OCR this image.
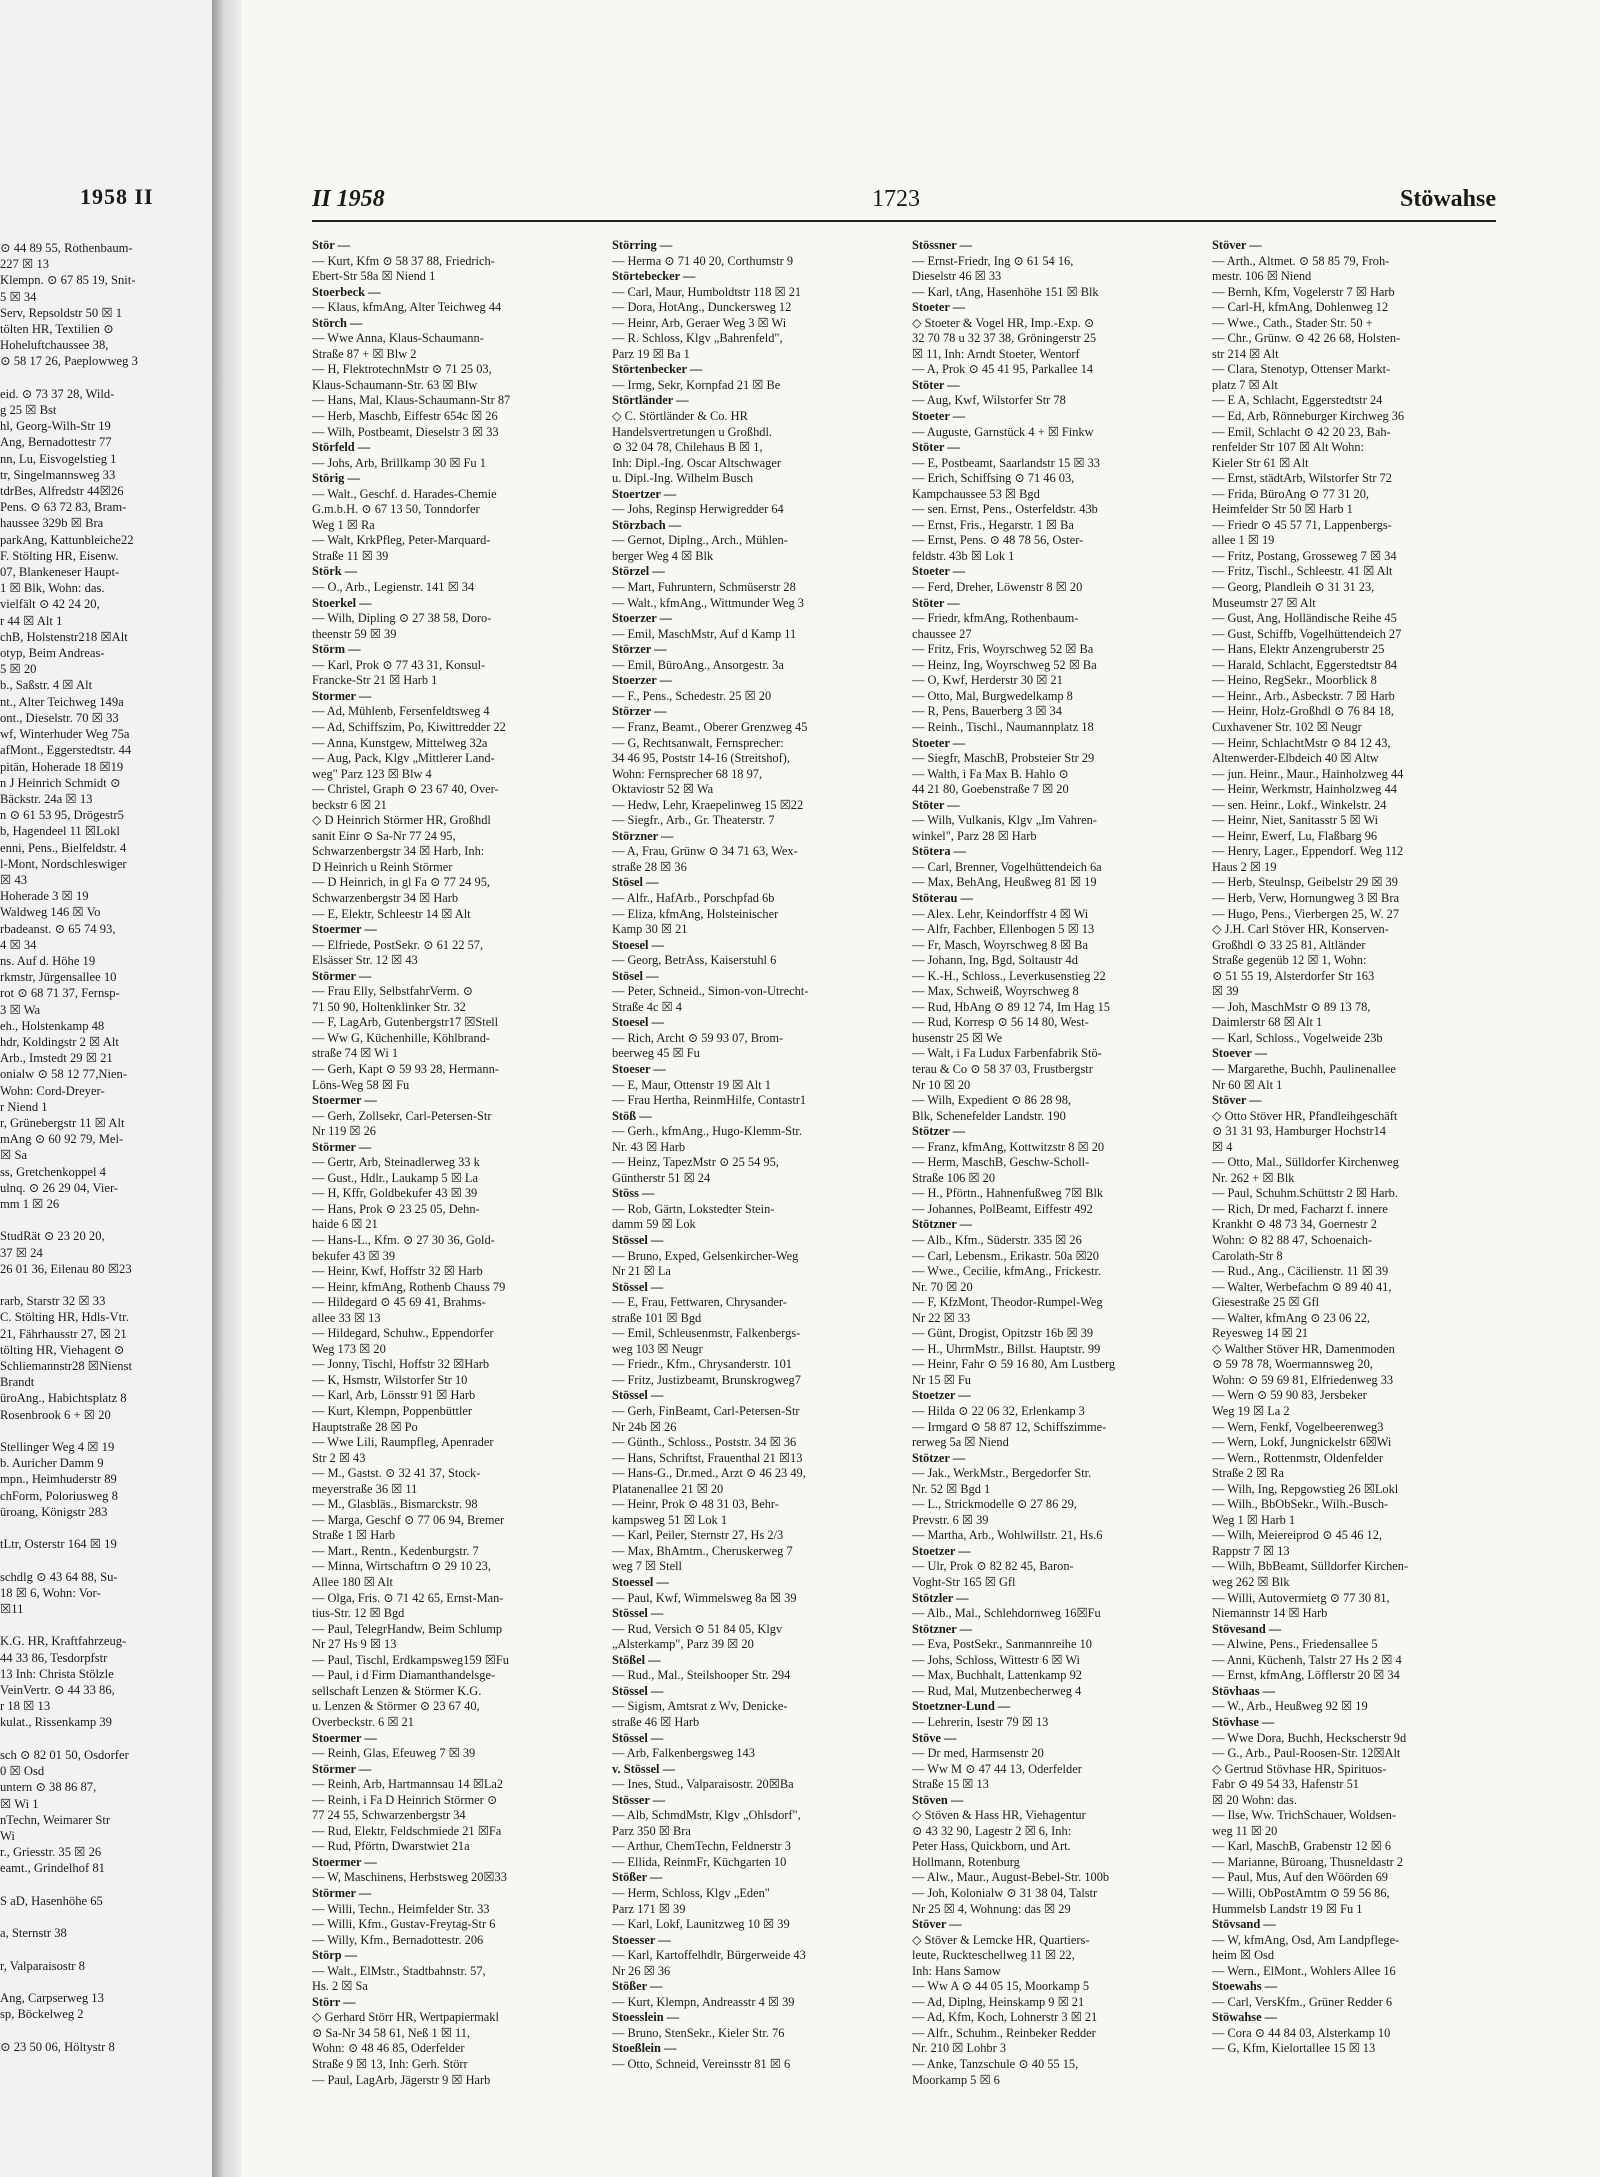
1958 II
⊙ 44 89 55, Rothenbaum-
227 ☒ 13
Klempn. ⊙ 67 85 19, Snit-
5 ☒ 34
Serv, Repsoldstr 50 ☒ 1
tölten HR, Textilien ⊙
Hoheluftchaussee 38,
⊙ 58 17 26, Paeplowweg 3

eid. ⊙ 73 37 28, Wild-
g 25 ☒ Bst
hl, Georg-Wilh-Str 19
Ang, Bernadottestr 77
nn, Lu, Eisvogelstieg 1
tr, Singelmannsweg 33
tdrBes, Alfredstr 44☒26
Pens. ⊙ 63 72 83, Bram-
haussee 329b ☒ Bra
parkAng, Kattunbleiche22
F. Stölting HR, Eisenw.
07, Blankeneser Haupt-
1 ☒ Blk, Wohn: das.
vielfält ⊙ 42 24 20,
r 44 ☒ Alt 1
chB, Holstenstr218 ☒Alt
otyp, Beim Andreas-
5 ☒ 20
b., Saßstr. 4 ☒ Alt
nt., Alter Teichweg 149a
ont., Dieselstr. 70 ☒ 33
wf, Winterhuder Weg 75a
afMont., Eggerstedtstr. 44
pitän, Hoherade 18 ☒19
n J Heinrich Schmidt ⊙
Bäckstr. 24a ☒ 13
n ⊙ 61 53 95, Drögestr5
b, Hagendeel 11 ☒Lokl
enni, Pens., Bielfeldstr. 4
l-Mont, Nordschleswiger
☒ 43
Hoherade 3 ☒ 19
Waldweg 146 ☒ Vo
rbadeanst. ⊙ 65 74 93,
4 ☒ 34
ns. Auf d. Höhe 19
rkmstr, Jürgensallee 10
rot ⊙ 68 71 37, Fernsp-
3 ☒ Wa
eh., Holstenkamp 48
hdr, Koldingstr 2 ☒ Alt
Arb., Imstedt 29 ☒ 21
onialw ⊙ 58 12 77,Nien-
Wohn: Cord-Dreyer-
r Niend 1
r, Grünebergstr 11 ☒ Alt
mAng ⊙ 60 92 79, Mel-
☒ Sa
ss, Gretchenkoppel 4
ulnq. ⊙ 26 29 04, Vier-
mm 1 ☒ 26

StudRät ⊙ 23 20 20,
37 ☒ 24
26 01 36, Eilenau 80 ☒23

rarb, Starstr 32 ☒ 33
C. Stölting HR, Hdls-Vtr.
21, Fährhausstr 27, ☒ 21
tölting HR, Viehagent ⊙
Schliemannstr28 ☒Nienst
Brandt
üroAng., Habichtsplatz 8
Rosenbrook 6 + ☒ 20

Stellinger Weg 4 ☒ 19
b. Auricher Damm 9
mpn., Heimhuderstr 89
chForm, Poloriusweg 8
üroang, Königstr 283

tLtr, Osterstr 164 ☒ 19

schdlg ⊙ 43 64 88, Su-
18 ☒ 6, Wohn: Vor-
☒11

K.G. HR, Kraftfahrzeug-
44 33 86, Tesdorpfstr
13 Inh: Christa Stölzle
VeinVertr. ⊙ 44 33 86,
r 18 ☒ 13
kulat., Rissenkamp 39

sch ⊙ 82 01 50, Osdorfer
0 ☒ Osd
untern ⊙ 38 86 87,
☒ Wi 1
nTechn, Weimarer Str
Wi
r., Griesstr. 35 ☒ 26
eamt., Grindelhof 81

S aD, Hasenhöhe 65

a, Sternstr 38

r, Valparaisostr 8

Ang, Carpserweg 13
sp, Böckelweg 2

⊙ 23 50 06, Höltystr 8
II 1958	1723	Stöwahse

Stör —

— Kurt, Kfm ⊙ 58 37 88, Friedrich-

Ebert-Str 58a ☒ Niend 1

Stoerbeck —

— Klaus, kfmAng, Alter Teichweg 44

Störch —

— Wwe Anna, Klaus-Schaumann-

Straße 87 + ☒ Blw 2

— H, FlektrotechnMstr ⊙ 71 25 03,

Klaus-Schaumann-Str. 63 ☒ Blw

— Hans, Mal, Klaus-Schaumann-Str 87

— Herb, Maschb, Eiffestr 654c ☒ 26

— Wilh, Postbeamt, Dieselstr 3 ☒ 33

Störfeld —

— Johs, Arb, Brillkamp 30 ☒ Fu 1

Störig —

— Walt., Geschf. d. Harades-Chemie

G.m.b.H. ⊙ 67 13 50, Tonndorfer

Weg 1 ☒ Ra

— Walt, KrkPfleg, Peter-Marquard-

Straße 11 ☒ 39

Störk —

— O., Arb., Legienstr. 141 ☒ 34

Stoerkel —

— Wilh, Dipling ⊙ 27 38 58, Doro-

theenstr 59 ☒ 39

Störm —

— Karl, Prok ⊙ 77 43 31, Konsul-

Francke-Str 21 ☒ Harb 1

Stormer —

— Ad, Mühlenb, Fersenfeldtsweg 4

— Ad, Schiffszim, Po, Kiwittredder 22

— Anna, Kunstgew, Mittelweg 32a

— Aug, Pack, Klgv „Mittlerer Land-

weg" Parz 123 ☒ Blw 4

— Christel, Graph ⊙ 23 67 40, Over-

beckstr 6 ☒ 21

◇ D Heinrich Störmer HR, Großhdl

sanit Einr ⊙ Sa-Nr 77 24 95,

Schwarzenbergstr 34 ☒ Harb, Inh:

D Heinrich u Reinh Störmer

— D Heinrich, in gl Fa ⊙ 77 24 95,

Schwarzenbergstr 34 ☒ Harb

— E, Elektr, Schleestr 14 ☒ Alt

Stoermer —

— Elfriede, PostSekr. ⊙ 61 22 57,

Elsässer Str. 12 ☒ 43

Störmer —

— Frau Elly, SelbstfahrVerm. ⊙

71 50 90, Holtenklinker Str. 32

— F, LagArb, Gutenbergstr17 ☒Stell

— Ww G, Küchenhille, Köhlbrand-

straße 74 ☒ Wi 1

— Gerh, Kapt ⊙ 59 93 28, Hermann-

Löns-Weg 58 ☒ Fu

Stoermer —

— Gerh, Zollsekr, Carl-Petersen-Str

Nr 119 ☒ 26

Störmer —

— Gertr, Arb, Steinadlerweg 33 k

— Gust., Hdlr., Laukamp 5 ☒ La

— H, Kffr, Goldbekufer 43 ☒ 39

— Hans, Prok ⊙ 23 25 05, Dehn-

haide 6 ☒ 21

— Hans-L., Kfm. ⊙ 27 30 36, Gold-

bekufer 43 ☒ 39

— Heinr, Kwf, Hoffstr 32 ☒ Harb

— Heinr, kfmAng, Rothenb Chauss 79

— Hildegard ⊙ 45 69 41, Brahms-

allee 33 ☒ 13

— Hildegard, Schuhw., Eppendorfer

Weg 173 ☒ 20

— Jonny, Tischl, Hoffstr 32 ☒Harb

— K, Hsmstr, Wilstorfer Str 10

— Karl, Arb, Lönsstr 91 ☒ Harb

— Kurt, Klempn, Poppenbüttler

Hauptstraße 28 ☒ Po

— Wwe Lili, Raumpfleg, Apenrader

Str 2 ☒ 43

— M., Gastst. ⊙ 32 41 37, Stock-

meyerstraße 36 ☒ 11

— M., Glasbläs., Bismarckstr. 98

— Marga, Geschf ⊙ 77 06 94, Bremer

Straße 1 ☒ Harb

— Mart., Rentn., Kedenburgstr. 7

— Minna, Wirtschaftrn ⊙ 29 10 23,

Allee 180 ☒ Alt

— Olga, Fris. ⊙ 71 42 65, Ernst-Man-

tius-Str. 12 ☒ Bgd

— Paul, TelegrHandw, Beim Schlump

Nr 27 Hs 9 ☒ 13

— Paul, Tischl, Erdkampsweg159 ☒Fu

— Paul, i d Firm Diamanthandelsge-

sellschaft Lenzen & Störmer K.G.

u. Lenzen & Störmer ⊙ 23 67 40,

Overbeckstr. 6 ☒ 21

Stoermer —

— Reinh, Glas, Efeuweg 7 ☒ 39

Störmer —

— Reinh, Arb, Hartmannsau 14 ☒La2

— Reinh, i Fa D Heinrich Störmer ⊙

77 24 55, Schwarzenbergstr 34

— Rud, Elektr, Feldschmiede 21 ☒Fa

— Rud, Pförtn, Dwarstwiet 21a

Stoermer —

— W, Maschinens, Herbstsweg 20☒33

Störmer —

— Willi, Techn., Heimfelder Str. 33

— Willi, Kfm., Gustav-Freytag-Str 6

— Willy, Kfm., Bernadottestr. 206

Störp —

— Walt., ElMstr., Stadtbahnstr. 57,

Hs. 2 ☒ Sa

Störr —

◇ Gerhard Störr HR, Wertpapiermakl

⊙ Sa-Nr 34 58 61, Neß 1 ☒ 11,

Wohn: ⊙ 48 46 85, Oderfelder

Straße 9 ☒ 13, Inh: Gerh. Störr

— Paul, LagArb, Jägerstr 9 ☒ Harb

Störring —

— Herma ⊙ 71 40 20, Corthumstr 9

Störtebecker —

— Carl, Maur, Humboldtstr 118 ☒ 21

— Dora, HotAng., Dunckersweg 12

— Heinr, Arb, Geraer Weg 3 ☒ Wi

— R. Schloss, Klgv „Bahrenfeld",

Parz 19 ☒ Ba 1

Störtenbecker —

— Irmg, Sekr, Kornpfad 21 ☒ Be

Störtländer —

◇ C. Störtländer & Co. HR

Handelsvertretungen u Großhdl.

⊙ 32 04 78, Chilehaus B ☒ 1,

Inh: Dipl.-Ing. Oscar Altschwager

u. Dipl.-Ing. Wilhelm Busch

Stoertzer —

— Johs, Reginsp Herwigredder 64

Störzbach —

— Gernot, Diplng., Arch., Mühlen-

berger Weg 4 ☒ Blk

Störzel —

— Mart, Fuhruntern, Schmüserstr 28

— Walt., kfmAng., Wittmunder Weg 3

Stoerzer —

— Emil, MaschMstr, Auf d Kamp 11

Störzer —

— Emil, BüroAng., Ansorgestr. 3a

Stoerzer —

— F., Pens., Schedestr. 25 ☒ 20

Störzer —

— Franz, Beamt., Oberer Grenzweg 45

— G, Rechtsanwalt, Fernsprecher:

34 46 95, Poststr 14-16 (Streitshof),

Wohn: Fernsprecher 68 18 97,

Oktaviostr 52 ☒ Wa

— Hedw, Lehr, Kraepelinweg 15 ☒22

— Siegfr., Arb., Gr. Theaterstr. 7

Störzner —

— A, Frau, Grünw ⊙ 34 71 63, Wex-

straße 28 ☒ 36

Stösel —

— Alfr., HafArb., Porschpfad 6b

— Eliza, kfmAng, Holsteinischer

Kamp 30 ☒ 21

Stoesel —

— Georg, BetrAss, Kaiserstuhl 6

Stösel —

— Peter, Schneid., Simon-von-Utrecht-

Straße 4c ☒ 4

Stoesel —

— Rich, Archt ⊙ 59 93 07, Brom-

beerweg 45 ☒ Fu

Stoeser —

— E, Maur, Ottenstr 19 ☒ Alt 1

— Frau Hertha, ReinmHilfe, Contastr1

Stöß —

— Gerh., kfmAng., Hugo-Klemm-Str.

Nr. 43 ☒ Harb

— Heinz, TapezMstr ⊙ 25 54 95,

Güntherstr 51 ☒ 24

Stöss —

— Rob, Gärtn, Lokstedter Stein-

damm 59 ☒ Lok

Stössel —

— Bruno, Exped, Gelsenkircher-Weg

Nr 21 ☒ La

Stössel —

— E, Frau, Fettwaren, Chrysander-

straße 101 ☒ Bgd

— Emil, Schleusenmstr, Falkenbergs-

weg 103 ☒ Neugr

— Friedr., Kfm., Chrysanderstr. 101

— Fritz, Justizbeamt, Brunskrogweg7

Stössel —

— Gerh, FinBeamt, Carl-Petersen-Str

Nr 24b ☒ 26

— Günth., Schloss., Poststr. 34 ☒ 36

— Hans, Schriftst, Frauenthal 21 ☒13

— Hans-G., Dr.med., Arzt ⊙ 46 23 49,

Platanenallee 21 ☒ 20

— Heinr, Prok ⊙ 48 31 03, Behr-

kampsweg 51 ☒ Lok 1

— Karl, Peiler, Sternstr 27, Hs 2/3

— Max, BhAmtm., Cheruskerweg 7

weg 7 ☒ Stell

Stoessel —

— Paul, Kwf, Wimmelsweg 8a ☒ 39

Stössel —

— Rud, Versich ⊙ 51 84 05, Klgv

„Alsterkamp", Parz 39 ☒ 20

Stößel —

— Rud., Mal., Steilshooper Str. 294

Stössel —

— Sigism, Amtsrat z Wv, Denicke-

straße 46 ☒ Harb

Stössel —

— Arb, Falkenbergsweg 143

v. Stössel —

— Ines, Stud., Valparaisostr. 20☒Ba

Stösser —

— Alb, SchmdMstr, Klgv „Ohlsdorf",

Parz 350 ☒ Bra

— Arthur, ChemTechn, Feldnerstr 3

— Ellida, ReinmFr, Küchgarten 10

Stößer —

— Herm, Schloss, Klgv „Eden"

Parz 171 ☒ 39

— Karl, Lokf, Launitzweg 10 ☒ 39

Stoesser —

— Karl, Kartoffelhdlr, Bürgerweide 43

Nr 26 ☒ 36

Stößer —

— Kurt, Klempn, Andreasstr 4 ☒ 39

Stoesslein —

— Bruno, StenSekr., Kieler Str. 76

Stoeßlein —

— Otto, Schneid, Vereinsstr 81 ☒ 6

Stössner —

— Ernst-Friedr, Ing ⊙ 61 54 16,

Dieselstr 46 ☒ 33

— Karl, tAng, Hasenhöhe 151 ☒ Blk

Stoeter —

◇ Stoeter & Vogel HR, Imp.-Exp. ⊙

32 70 78 u 32 37 38, Gröningerstr 25

☒ 11, Inh: Arndt Stoeter, Wentorf

— A, Prok ⊙ 45 41 95, Parkallee 14

Stöter —

— Aug, Kwf, Wilstorfer Str 78

Stoeter —

— Auguste, Garnstück 4 + ☒ Finkw

Stöter —

— E, Postbeamt, Saarlandstr 15 ☒ 33

— Erich, Schiffsing ⊙ 71 46 03,

Kampchaussee 53 ☒ Bgd

— sen. Ernst, Pens., Osterfeldstr. 43b

— Ernst, Fris., Hegarstr. 1 ☒ Ba

— Ernst, Pens. ⊙ 48 78 56, Oster-

feldstr. 43b ☒ Lok 1

Stoeter —

— Ferd, Dreher, Löwenstr 8 ☒ 20

Stöter —

— Friedr, kfmAng, Rothenbaum-

chaussee 27

— Fritz, Fris, Woyrschweg 52 ☒ Ba

— Heinz, Ing, Woyrschweg 52 ☒ Ba

— O, Kwf, Herderstr 30 ☒ 21

— Otto, Mal, Burgwedelkamp 8

— R, Pens, Bauerberg 3 ☒ 34

— Reinh., Tischl., Naumannplatz 18

Stoeter —

— Siegfr, MaschB, Probsteier Str 29

— Walth, i Fa Max B. Hahlo ⊙

44 21 80, Goebenstraße 7 ☒ 20

Stöter —

— Wilh, Vulkanis, Klgv „Im Vahren-

winkel", Parz 28 ☒ Harb

Stötera —

— Carl, Brenner, Vogelhüttendeich 6a

— Max, BehAng, Heußweg 81 ☒ 19

Stöterau —

— Alex. Lehr, Keindorffstr 4 ☒ Wi

— Alfr, Fachber, Ellenbogen 5 ☒ 13

— Fr, Masch, Woyrschweg 8 ☒ Ba

— Johann, Ing, Bgd, Soltaustr 4d

— K.-H., Schloss., Leverkusenstieg 22

— Max, Schweiß, Woyrschweg 8

— Rud, HbAng ⊙ 89 12 74, Im Hag 15

— Rud, Korresp ⊙ 56 14 80, West-

husenstr 25 ☒ We

— Walt, i Fa Ludux Farbenfabrik Stö-

terau & Co ⊙ 58 37 03, Frustbergstr

Nr 10 ☒ 20

— Wilh, Expedient ⊙ 86 28 98,

Blk, Schenefelder Landstr. 190

Stötzer —

— Franz, kfmAng, Kottwitzstr 8 ☒ 20

— Herm, MaschB, Geschw-Scholl-

Straße 106 ☒ 20

— H., Pförtn., Hahnenfußweg 7☒ Blk

— Johannes, PolBeamt, Eiffestr 492

Stötzner —

— Alb., Kfm., Süderstr. 335 ☒ 26

— Carl, Lebensm., Erikastr. 50a ☒20

— Wwe., Cecilie, kfmAng., Frickestr.

Nr. 70 ☒ 20

— F, KfzMont, Theodor-Rumpel-Weg

Nr 22 ☒ 33

— Günt, Drogist, Opitzstr 16b ☒ 39

— H., UhrmMstr., Billst. Hauptstr. 99

— Heinr, Fahr ⊙ 59 16 80, Am Lustberg

Nr 15 ☒ Fu

Stoetzer —

— Hilda ⊙ 22 06 32, Erlenkamp 3

— Irmgard ⊙ 58 87 12, Schiffszimme-

rerweg 5a ☒ Niend

Stötzer —

— Jak., WerkMstr., Bergedorfer Str.

Nr. 52 ☒ Bgd 1

— L., Strickmodelle ⊙ 27 86 29,

Prevstr. 6 ☒ 39

— Martha, Arb., Wohlwillstr. 21, Hs.6

Stoetzer —

— Ulr, Prok ⊙ 82 82 45, Baron-

Voght-Str 165 ☒ Gfl

Stötzler —

— Alb., Mal., Schlehdornweg 16☒Fu

Stötzner —

— Eva, PostSekr., Sanmannreihe 10

— Johs, Schloss, Wittestr 6 ☒ Wi

— Max, Buchhalt, Lattenkamp 92

— Rud, Mal, Mutzenbecherweg 4

Stoetzner-Lund —

— Lehrerin, Isestr 79 ☒ 13

Stöve —

— Dr med, Harmsenstr 20

— Ww M ⊙ 47 44 13, Oderfelder

Straße 15 ☒ 13

Stöven —

◇ Stöven & Hass HR, Viehagentur

⊙ 43 32 90, Lagestr 2 ☒ 6, Inh:

Peter Hass, Quickborn, und Art.

Hollmann, Rotenburg

— Alw., Maur., August-Bebel-Str. 100b

— Joh, Kolonialw ⊙ 31 38 04, Talstr

Nr 25 ☒ 4, Wohnung: das ☒ 29

Stöver —

◇ Stöver & Lemcke HR, Quartiers-

leute, Ruckteschellweg 11 ☒ 22,

Inh: Hans Samow

— Ww A ⊙ 44 05 15, Moorkamp 5

— Ad, Diplng, Heinskamp 9 ☒ 21

— Ad, Kfm, Koch, Lohnerstr 3 ☒ 21

— Alfr., Schuhm., Reinbeker Redder

Nr. 210 ☒ Lohbr 3

— Anke, Tanzschule ⊙ 40 55 15,

Moorkamp 5 ☒ 6

Stöver —

— Arth., Altmet. ⊙ 58 85 79, Froh-

mestr. 106 ☒ Niend

— Bernh, Kfm, Vogelerstr 7 ☒ Harb

— Carl-H, kfmAng, Dohlenweg 12

— Wwe., Cath., Stader Str. 50 +

— Chr., Grünw. ⊙ 42 26 68, Holsten-

str 214 ☒ Alt

— Clara, Stenotyp, Ottenser Markt-

platz 7 ☒ Alt

— E A, Schlacht, Eggerstedtstr 24

— Ed, Arb, Rönneburger Kirchweg 36

— Emil, Schlacht ⊙ 42 20 23, Bah-

renfelder Str 107 ☒ Alt Wohn:

Kieler Str 61 ☒ Alt

— Ernst, städtArb, Wilstorfer Str 72

— Frida, BüroAng ⊙ 77 31 20,

Heimfelder Str 50 ☒ Harb 1

— Friedr ⊙ 45 57 71, Lappenbergs-

allee 1 ☒ 19

— Fritz, Postang, Grosseweg 7 ☒ 34

— Fritz, Tischl., Schleestr. 41 ☒ Alt

— Georg, Plandleih ⊙ 31 31 23,

Museumstr 27 ☒ Alt

— Gust, Ang, Holländische Reihe 45

— Gust, Schiffb, Vogelhüttendeich 27

— Hans, Elektr Anzengruberstr 25

— Harald, Schlacht, Eggerstedtstr 84

— Heino, RegSekr., Moorblick 8

— Heinr., Arb., Asbeckstr. 7 ☒ Harb

— Heinr, Holz-Großhdl ⊙ 76 84 18,

Cuxhavener Str. 102 ☒ Neugr

— Heinr, SchlachtMstr ⊙ 84 12 43,

Altenwerder-Elbdeich 40 ☒ Altw

— jun. Heinr., Maur., Hainholzweg 44

— Heinr, Werkmstr, Hainholzweg 44

— sen. Heinr., Lokf., Winkelstr. 24

— Heinr, Niet, Sanitasstr 5 ☒ Wi

— Heinr, Ewerf, Lu, Flaßbarg 96

— Henry, Lager., Eppendorf. Weg 112

Haus 2 ☒ 19

— Herb, Steulnsp, Geibelstr 29 ☒ 39

— Herb, Verw, Hornungweg 3 ☒ Bra

— Hugo, Pens., Vierbergen 25, W. 27

◇ J.H. Carl Stöver HR, Konserven-

Großhdl ⊙ 33 25 81, Altländer

Straße gegenüb 12 ☒ 1, Wohn:

⊙ 51 55 19, Alsterdorfer Str 163

☒ 39

— Joh, MaschMstr ⊙ 89 13 78,

Daimlerstr 68 ☒ Alt 1

— Karl, Schloss., Vogelweide 23b

Stoever —

— Margarethe, Buchh, Paulinenallee

Nr 60 ☒ Alt 1

Stöver —

◇ Otto Stöver HR, Pfandleihgeschäft

⊙ 31 31 93, Hamburger Hochstr14

☒ 4

— Otto, Mal., Sülldorfer Kirchenweg

Nr. 262 + ☒ Blk

— Paul, Schuhm.Schüttstr 2 ☒ Harb.

— Rich, Dr med, Facharzt f. innere

Krankht ⊙ 48 73 34, Goernestr 2

Wohn: ⊙ 82 88 47, Schoenaich-

Carolath-Str 8

— Rud., Ang., Cäcilienstr. 11 ☒ 39

— Walter, Werbefachm ⊙ 89 40 41,

Giesestraße 25 ☒ Gfl

— Walter, kfmAng ⊙ 23 06 22,

Reyesweg 14 ☒ 21

◇ Walther Stöver HR, Damenmoden

⊙ 59 78 78, Woermannsweg 20,

Wohn: ⊙ 59 69 81, Elfriedenweg 33

— Wern ⊙ 59 90 83, Jersbeker

Weg 19 ☒ La 2

— Wern, Fenkf, Vogelbeerenweg3

— Wern, Lokf, Jungnickelstr 6☒Wi

— Wern., Rottenmstr, Oldenfelder

Straße 2 ☒ Ra

— Wilh, Ing, Repgowstieg 26 ☒Lokl

— Wilh., BbObSekr., Wilh.-Busch-

Weg 1 ☒ Harb 1

— Wilh, Meiereiprod ⊙ 45 46 12,

Rappstr 7 ☒ 13

— Wilh, BbBeamt, Sülldorfer Kirchen-

weg 262 ☒ Blk

— Willi, Autovermietg ⊙ 77 30 81,

Niemannstr 14 ☒ Harb

Stövesand —

— Alwine, Pens., Friedensallee 5

— Anni, Küchenh, Talstr 27 Hs 2 ☒ 4

— Ernst, kfmAng, Löfflerstr 20 ☒ 34

Stövhaas —

— W., Arb., Heußweg 92 ☒ 19

Stövhase —

— Wwe Dora, Buchh, Heckscherstr 9d

— G., Arb., Paul-Roosen-Str. 12☒Alt

◇ Gertrud Stövhase HR, Spirituos-

Fabr ⊙ 49 54 33, Hafenstr 51

☒ 20 Wohn: das.

— Ilse, Ww. TrichSchauer, Woldsen-

weg 11 ☒ 20

— Karl, MaschB, Grabenstr 12 ☒ 6

— Marianne, Büroang, Thusneldastr 2

— Paul, Mus, Auf den Wöörden 69

— Willi, ObPostAmtm ⊙ 59 56 86,

Hummelsb Landstr 19 ☒ Fu 1

Stövsand —

— W, kfmAng, Osd, Am Landpflege-

heim ☒ Osd

— Wern., ElMont., Wohlers Allee 16

Stoewahs —

— Carl, VersKfm., Grüner Redder 6

Stöwahse —

— Cora ⊙ 44 84 03, Alsterkamp 10

— G, Kfm, Kielortallee 15 ☒ 13
